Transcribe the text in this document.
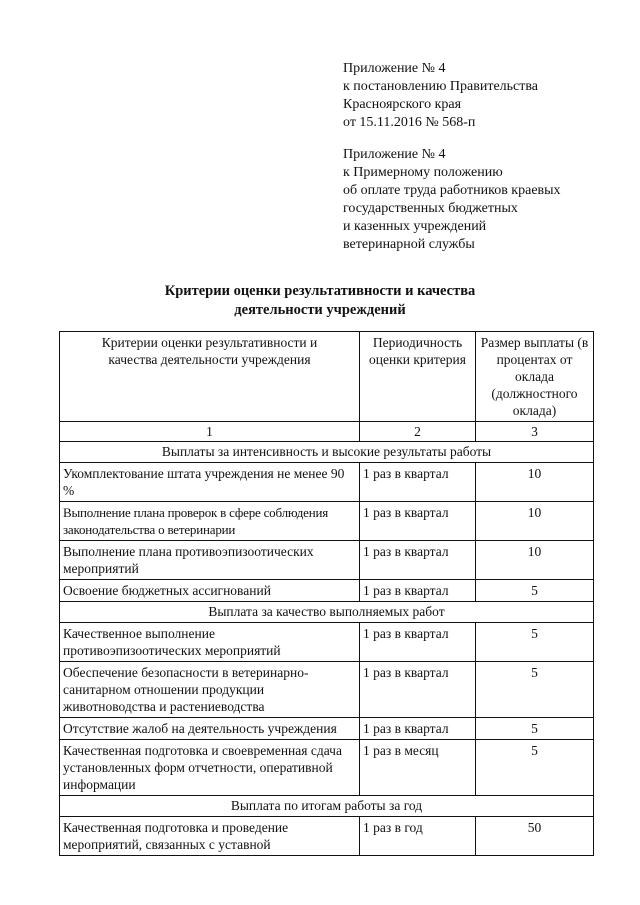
Приложение № 4
к постановлению Правительства
Красноярского края
от 15.11.2016 № 568-п
Приложение № 4
к Примерному положению
об оплате труда работников краевых
государственных бюджетных
и казенных учреждений
ветеринарной службы
Критерии оценки результативности и качества
деятельности учреждений
Критерии оценки результативности и качества деятельности учреждения	Периодичность оценки критерия	Размер выплаты (в процентах от оклада (должностного оклада)
1	2	3
Выплаты за интенсивность и высокие результаты работы		
Укомплектование штата учреждения не менее 90 %	1 раз в квартал	10
Выполнение плана проверок в сфере соблюдения законодательства о ветеринарии	1 раз в квартал	10
Выполнение плана противоэпизоотических мероприятий	1 раз в квартал	10
Освоение бюджетных ассигнований	1 раз в квартал	5
Выплата за качество выполняемых работ		
Качественное выполнение противоэпизоотических мероприятий	1 раз в квартал	5
Обеспечение безопасности в ветеринарно-санитарном отношении продукции животноводства и растениеводства	1 раз в квартал	5
Отсутствие жалоб на деятельность учреждения	1 раз в квартал	5
Качественная подготовка и своевременная сдача установленных форм отчетности, оперативной информации	1 раз в месяц	5
Выплата по итогам работы за год		
Качественная подготовка и проведение мероприятий, связанных с уставной	1 раз в год	50
